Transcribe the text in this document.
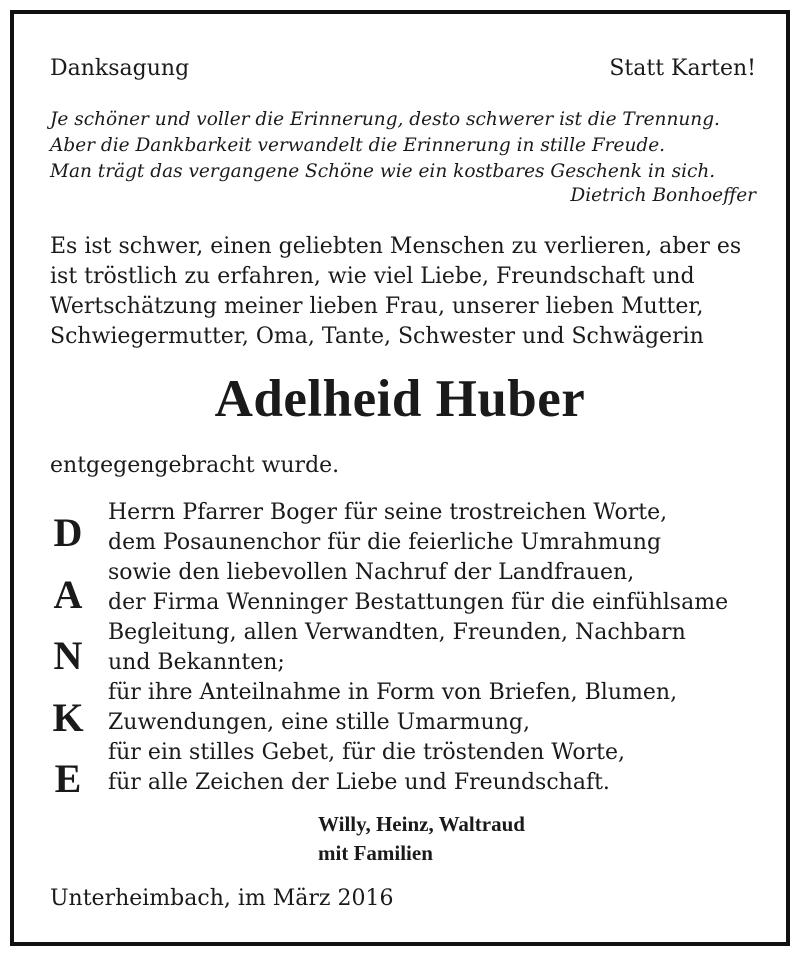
Danksagung	Statt Karten!
Je schöner und voller die Erinnerung, desto schwerer ist die Trennung.
Aber die Dankbarkeit verwandelt die Erinnerung in stille Freude.
Man trägt das vergangene Schöne wie ein kostbares Geschenk in sich.
Dietrich Bonhoeffer
Es ist schwer, einen geliebten Menschen zu verlieren, aber es
ist tröstlich zu erfahren, wie viel Liebe, Freundschaft und
Wertschätzung meiner lieben Frau, unserer lieben Mutter,
Schwiegermutter, Oma, Tante, Schwester und Schwägerin
Adelheid Huber
entgegengebracht wurde.
D
A
N
K
E
Herrn Pfarrer Boger für seine trostreichen Worte,
dem Posaunenchor für die feierliche Umrahmung
sowie den liebevollen Nachruf der Landfrauen,
der Firma Wenninger Bestattungen für die einfühlsame
Begleitung, allen Verwandten, Freunden, Nachbarn
und Bekannten;
für ihre Anteilnahme in Form von Briefen, Blumen,
Zuwendungen, eine stille Umarmung,
für ein stilles Gebet, für die tröstenden Worte,
für alle Zeichen der Liebe und Freundschaft.
Willy, Heinz, Waltraud
mit Familien
Unterheimbach, im März 2016
